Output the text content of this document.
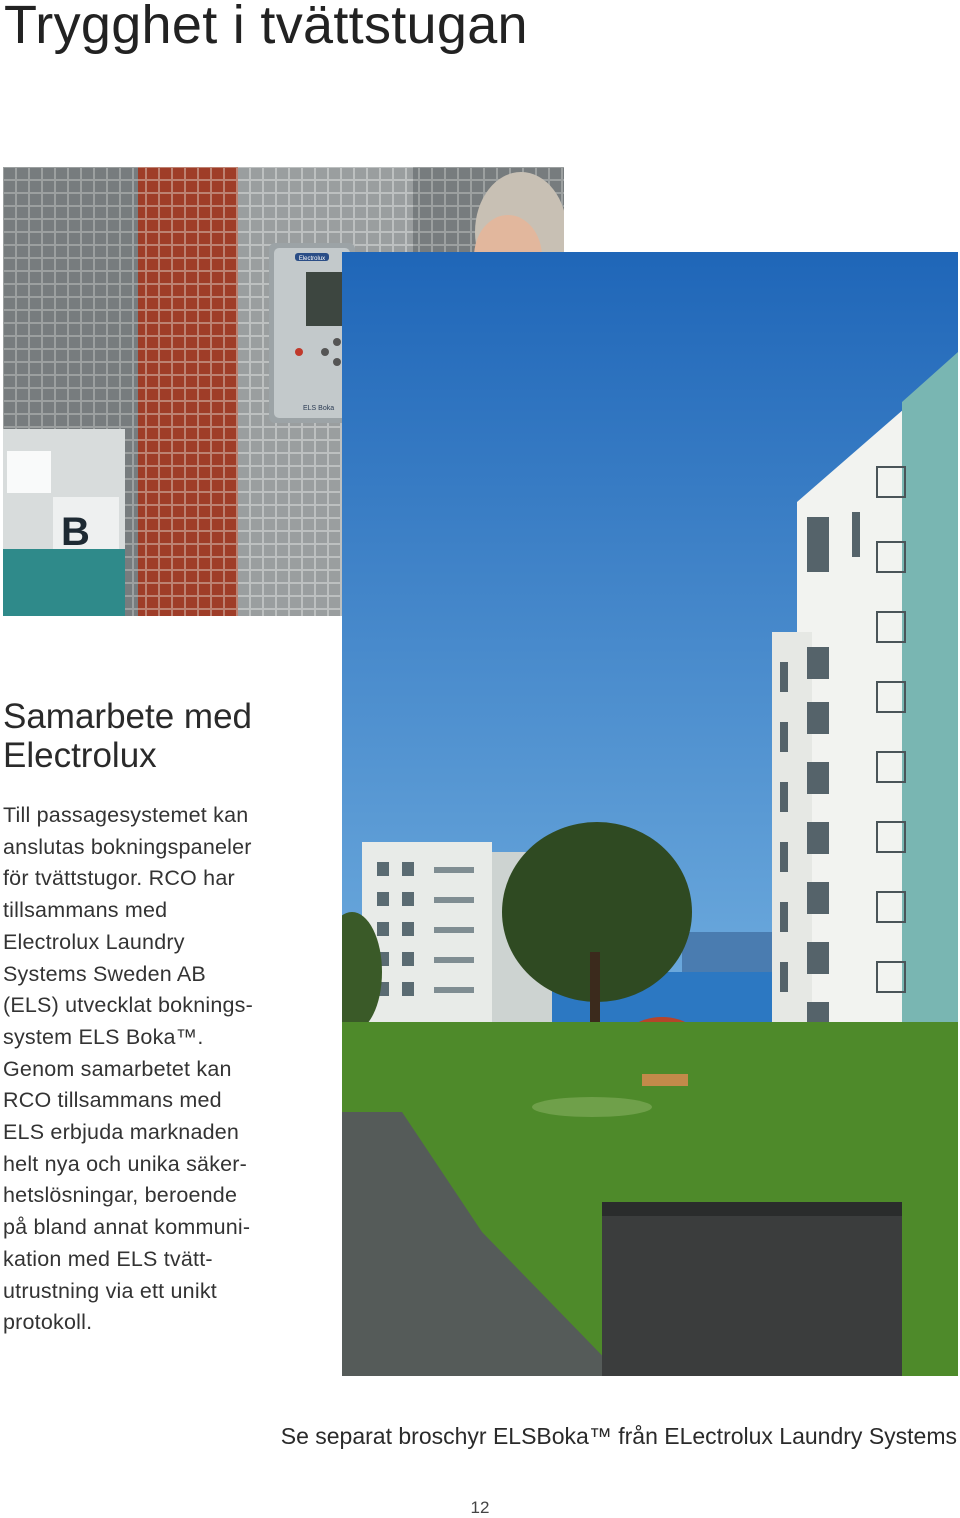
Trygghet i tvättstugan
B
Electrolux
ELS Boka
Samarbete med
Electrolux
Till passagesystemet kan
anslutas bokningspaneler
för tvättstugor. RCO har
tillsammans med
Electrolux Laundry
Systems Sweden AB
(ELS) utvecklat boknings-
system ELS Boka™.
Genom samarbetet kan
RCO tillsammans med
ELS erbjuda marknaden
helt nya och unika säker-
hetslösningar, beroende
på bland annat kommuni-
kation med ELS tvätt-
utrustning via ett unikt
protokoll.
Se separat broschyr ELSBoka™ från ELectrolux Laundry Systems
12
